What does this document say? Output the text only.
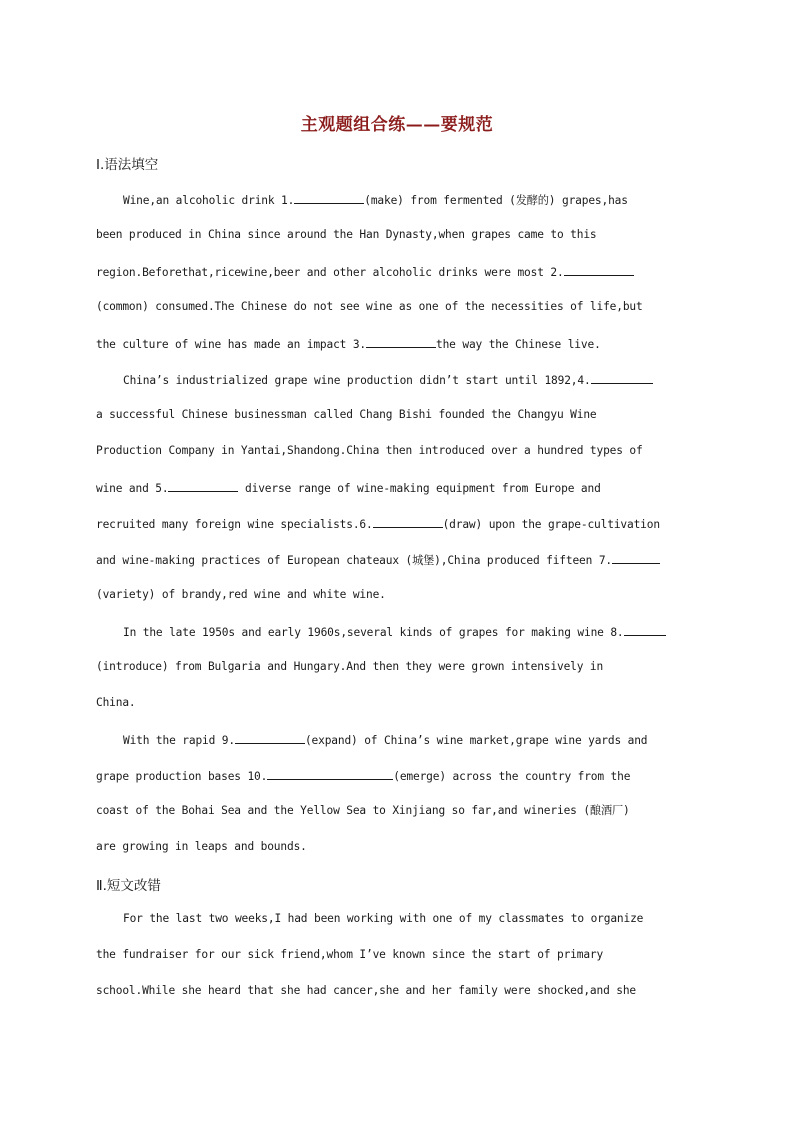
主观题组合练——要规范
Ⅰ.语法填空
Wine,an alcoholic drink 1.	(make) from fermented (发酵的) grapes,has
been produced in China since around the Han Dynasty,when grapes came to this
region.Beforethat,ricewine,beer and other alcoholic drinks were most 2.
(common) consumed.The Chinese do not see wine as one of the necessities of life,but
the culture of wine has made an impact 3.	the way the Chinese live.
China’s industrialized grape wine production didn’t start until 1892,4.
a successful Chinese businessman called Chang Bishi founded the Changyu Wine
Production Company in Yantai,Shandong.China then introduced over a hundred types of
wine and 5.	diverse range of wine-making equipment from Europe and
recruited many foreign wine specialists.6.	(draw) upon the grape-cultivation
and wine-making practices of European chateaux (城堡),China produced fifteen 7.
(variety) of brandy,red wine and white wine.
In the late 1950s and early 1960s,several kinds of grapes for making wine 8.
(introduce) from Bulgaria and Hungary.And then they were grown intensively in
China.
With the rapid 9.	(expand) of China’s wine market,grape wine yards and
grape production bases 10.	(emerge) across the country from the
coast of the Bohai Sea and the Yellow Sea to Xinjiang so far,and wineries (酿酒厂)
are growing in leaps and bounds.
Ⅱ.短文改错
For the last two weeks,I had been working with one of my classmates to organize
the fundraiser for our sick friend,whom I’ve known since the start of primary
school.While she heard that she had cancer,she and her family were shocked,and she
